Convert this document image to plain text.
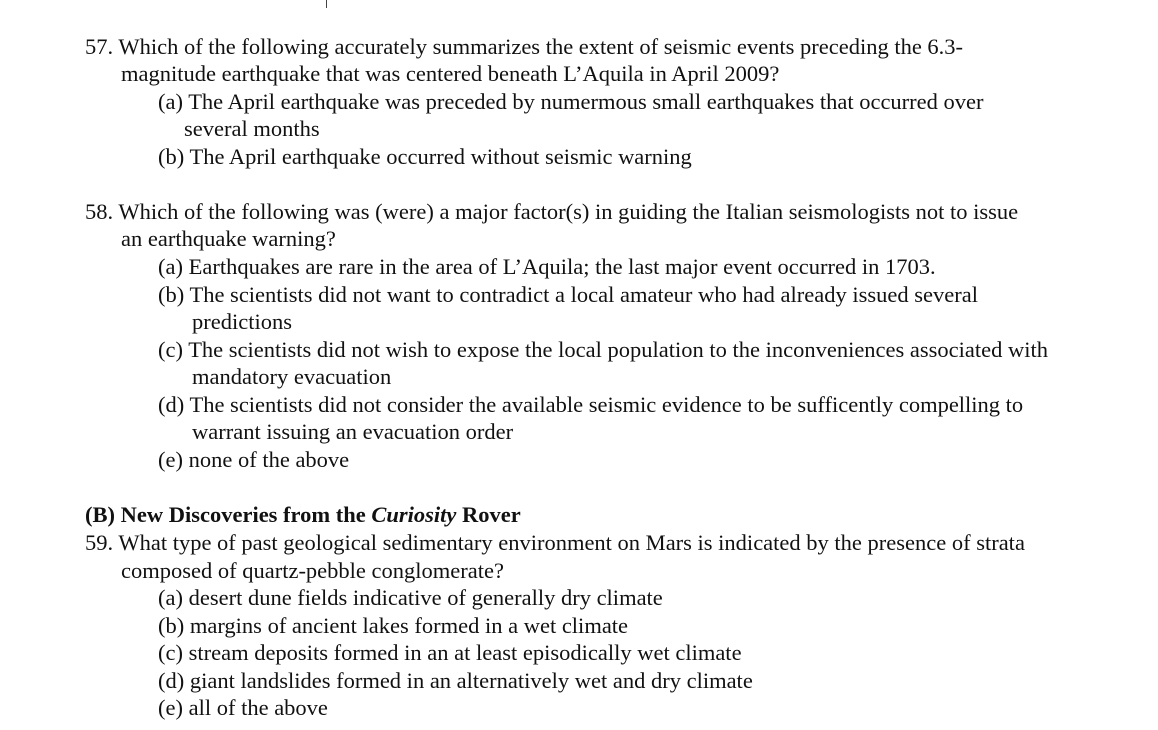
57. Which of the following accurately summarizes the extent of seismic events preceding the 6.3-
magnitude earthquake that was centered beneath L’Aquila in April 2009?
(a) The April earthquake was preceded by numermous small earthquakes that occurred over
several months
(b) The April earthquake occurred without seismic warning
58. Which of the following was (were) a major factor(s) in guiding the Italian seismologists not to issue
an earthquake warning?
(a) Earthquakes are rare in the area of L’Aquila; the last major event occurred in 1703.
(b) The scientists did not want to contradict a local amateur who had already issued several
predictions
(c) The scientists did not wish to expose the local population to the inconveniences associated with
mandatory evacuation
(d) The scientists did not consider the available seismic evidence to be sufficently compelling to
warrant issuing an evacuation order
(e) none of the above
(B) New Discoveries from the Curiosity Rover
59. What type of past geological sedimentary environment on Mars is indicated by the presence of strata
composed of quartz-pebble conglomerate?
(a) desert dune fields indicative of generally dry climate
(b) margins of ancient lakes formed in a wet climate
(c) stream deposits formed in an at least episodically wet climate
(d) giant landslides formed in an alternatively wet and dry climate
(e) all of the above
